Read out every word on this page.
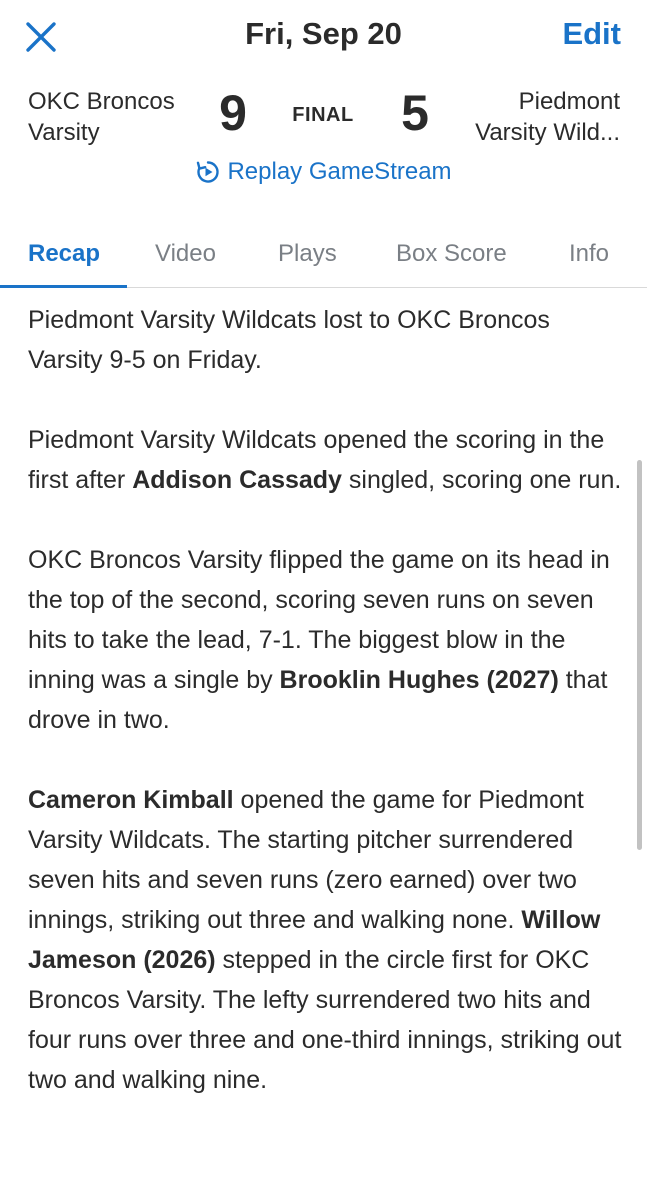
Fri, Sep 20	Edit
OKC Broncos
Varsity	9	FINAL 5	Piedmont
Varsity Wild...
Replay GameStream
Recap Video	Plays Box Score	Info

Piedmont Varsity Wildcats lost to OKC Broncos Varsity 9-5 on Friday.

Piedmont Varsity Wildcats opened the scoring in the first after Addison Cassady singled, scoring one run.

OKC Broncos Varsity flipped the game on its head in the top of the second, scoring seven runs on seven hits to take the lead, 7-1. The biggest blow in the inning was a single by Brooklin Hughes (2027) that drove in two.

Cameron Kimball opened the game for Piedmont Varsity Wildcats. The starting pitcher surrendered seven hits and seven runs (zero earned) over two innings, striking out three and walking none. Willow Jameson (2026) stepped in the circle first for OKC Broncos Varsity. The lefty surrendered two hits and four runs over three and one-third innings, striking out two and walking nine.
